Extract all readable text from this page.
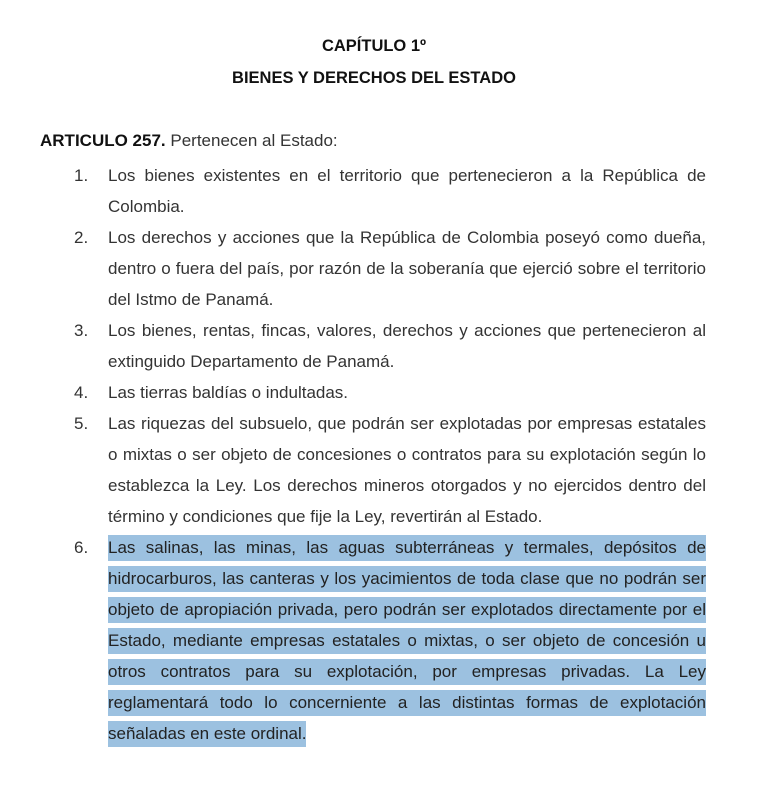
CAPÍTULO 1º
BIENES Y DERECHOS DEL ESTADO
ARTICULO 257. Pertenecen al Estado:
1.	Los bienes existentes en el territorio que pertenecieron a la República de Colombia.
2.	Los derechos y acciones que la República de Colombia poseyó como dueña, dentro o fuera del país, por razón de la soberanía que ejerció sobre el territorio del Istmo de Panamá.
3.	Los bienes, rentas, fincas, valores, derechos y acciones que pertenecieron al extinguido Departamento de Panamá.
4.	Las tierras baldías o indultadas.
5.	Las riquezas del subsuelo, que podrán ser explotadas por empresas estatales o mixtas o ser objeto de concesiones o contratos para su explotación según lo establezca la Ley. Los derechos mineros otorgados y no ejercidos dentro del término y condiciones que fije la Ley, revertirán al Estado.
6.	Las salinas, las minas, las aguas subterráneas y termales, depósitos de hidrocarburos, las canteras y los yacimientos de toda clase que no podrán ser objeto de apropiación privada, pero podrán ser explotados directamente por el Estado, mediante empresas estatales o mixtas, o ser objeto de concesión u otros contratos para su explotación, por empresas privadas. La Ley reglamentará todo lo concerniente a las distintas formas de explotación señaladas en este ordinal.
